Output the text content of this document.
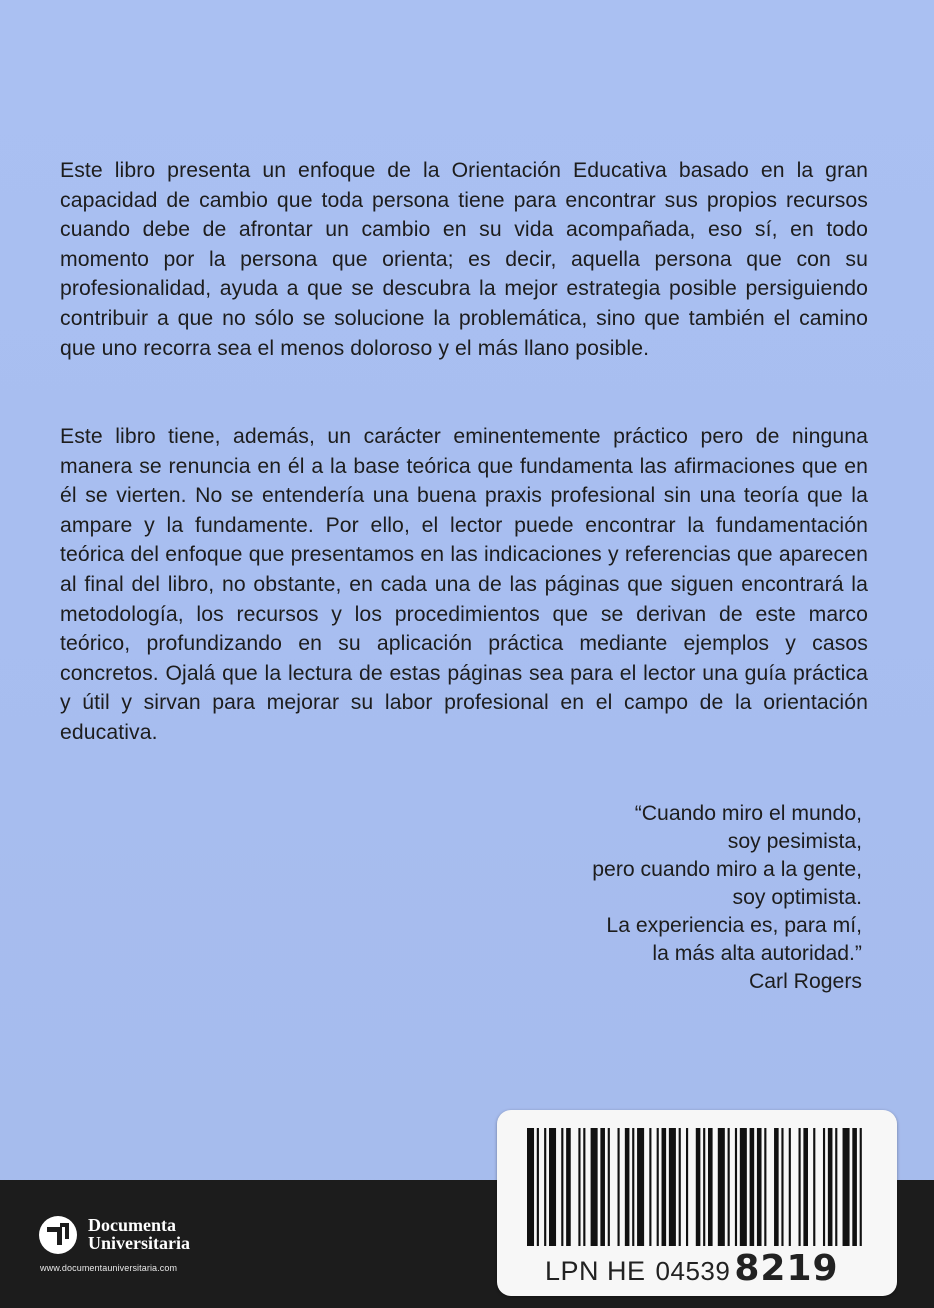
Este libro presenta un enfoque de la Orientación Educativa basado en la gran capacidad de cambio que toda persona tiene para encontrar sus propios recursos cuando debe de afrontar un cambio en su vida acompañada, eso sí, en todo momento por la persona que orienta; es decir, aquella persona que con su profesionalidad, ayuda a que se descubra la mejor estrategia posible persiguiendo contribuir a que no sólo se solucione la problemática, sino que también el camino que uno recorra sea el menos doloroso y el más llano posible.

Este libro tiene, además, un carácter eminentemente práctico pero de ninguna manera se renuncia en él a la base teórica que fundamenta las afirmaciones que en él se vierten. No se entendería una buena praxis profesional sin una teoría que la ampare y la fundamente. Por ello, el lector puede encontrar la fundamentación teórica del enfoque que presentamos en las indicaciones y referencias que aparecen al final del libro, no obstante, en cada una de las páginas que siguen encontrará la metodología, los recursos y los procedimientos que se derivan de este marco teórico, profundizando en su aplicación práctica mediante ejemplos y casos concretos. Ojalá que la lectura de estas páginas sea para el lector una guía práctica y útil y sirvan para mejorar su labor profesional en el campo de la orientación educativa.

“Cuando miro el mundo,
soy pesimista,
pero cuando miro a la gente,
soy optimista.
La experiencia es, para mí,
la más alta autoridad.”
Carl Rogers
Documenta
Universitaria
www.documentauniversitaria.com	LPN HE 04539 8219
